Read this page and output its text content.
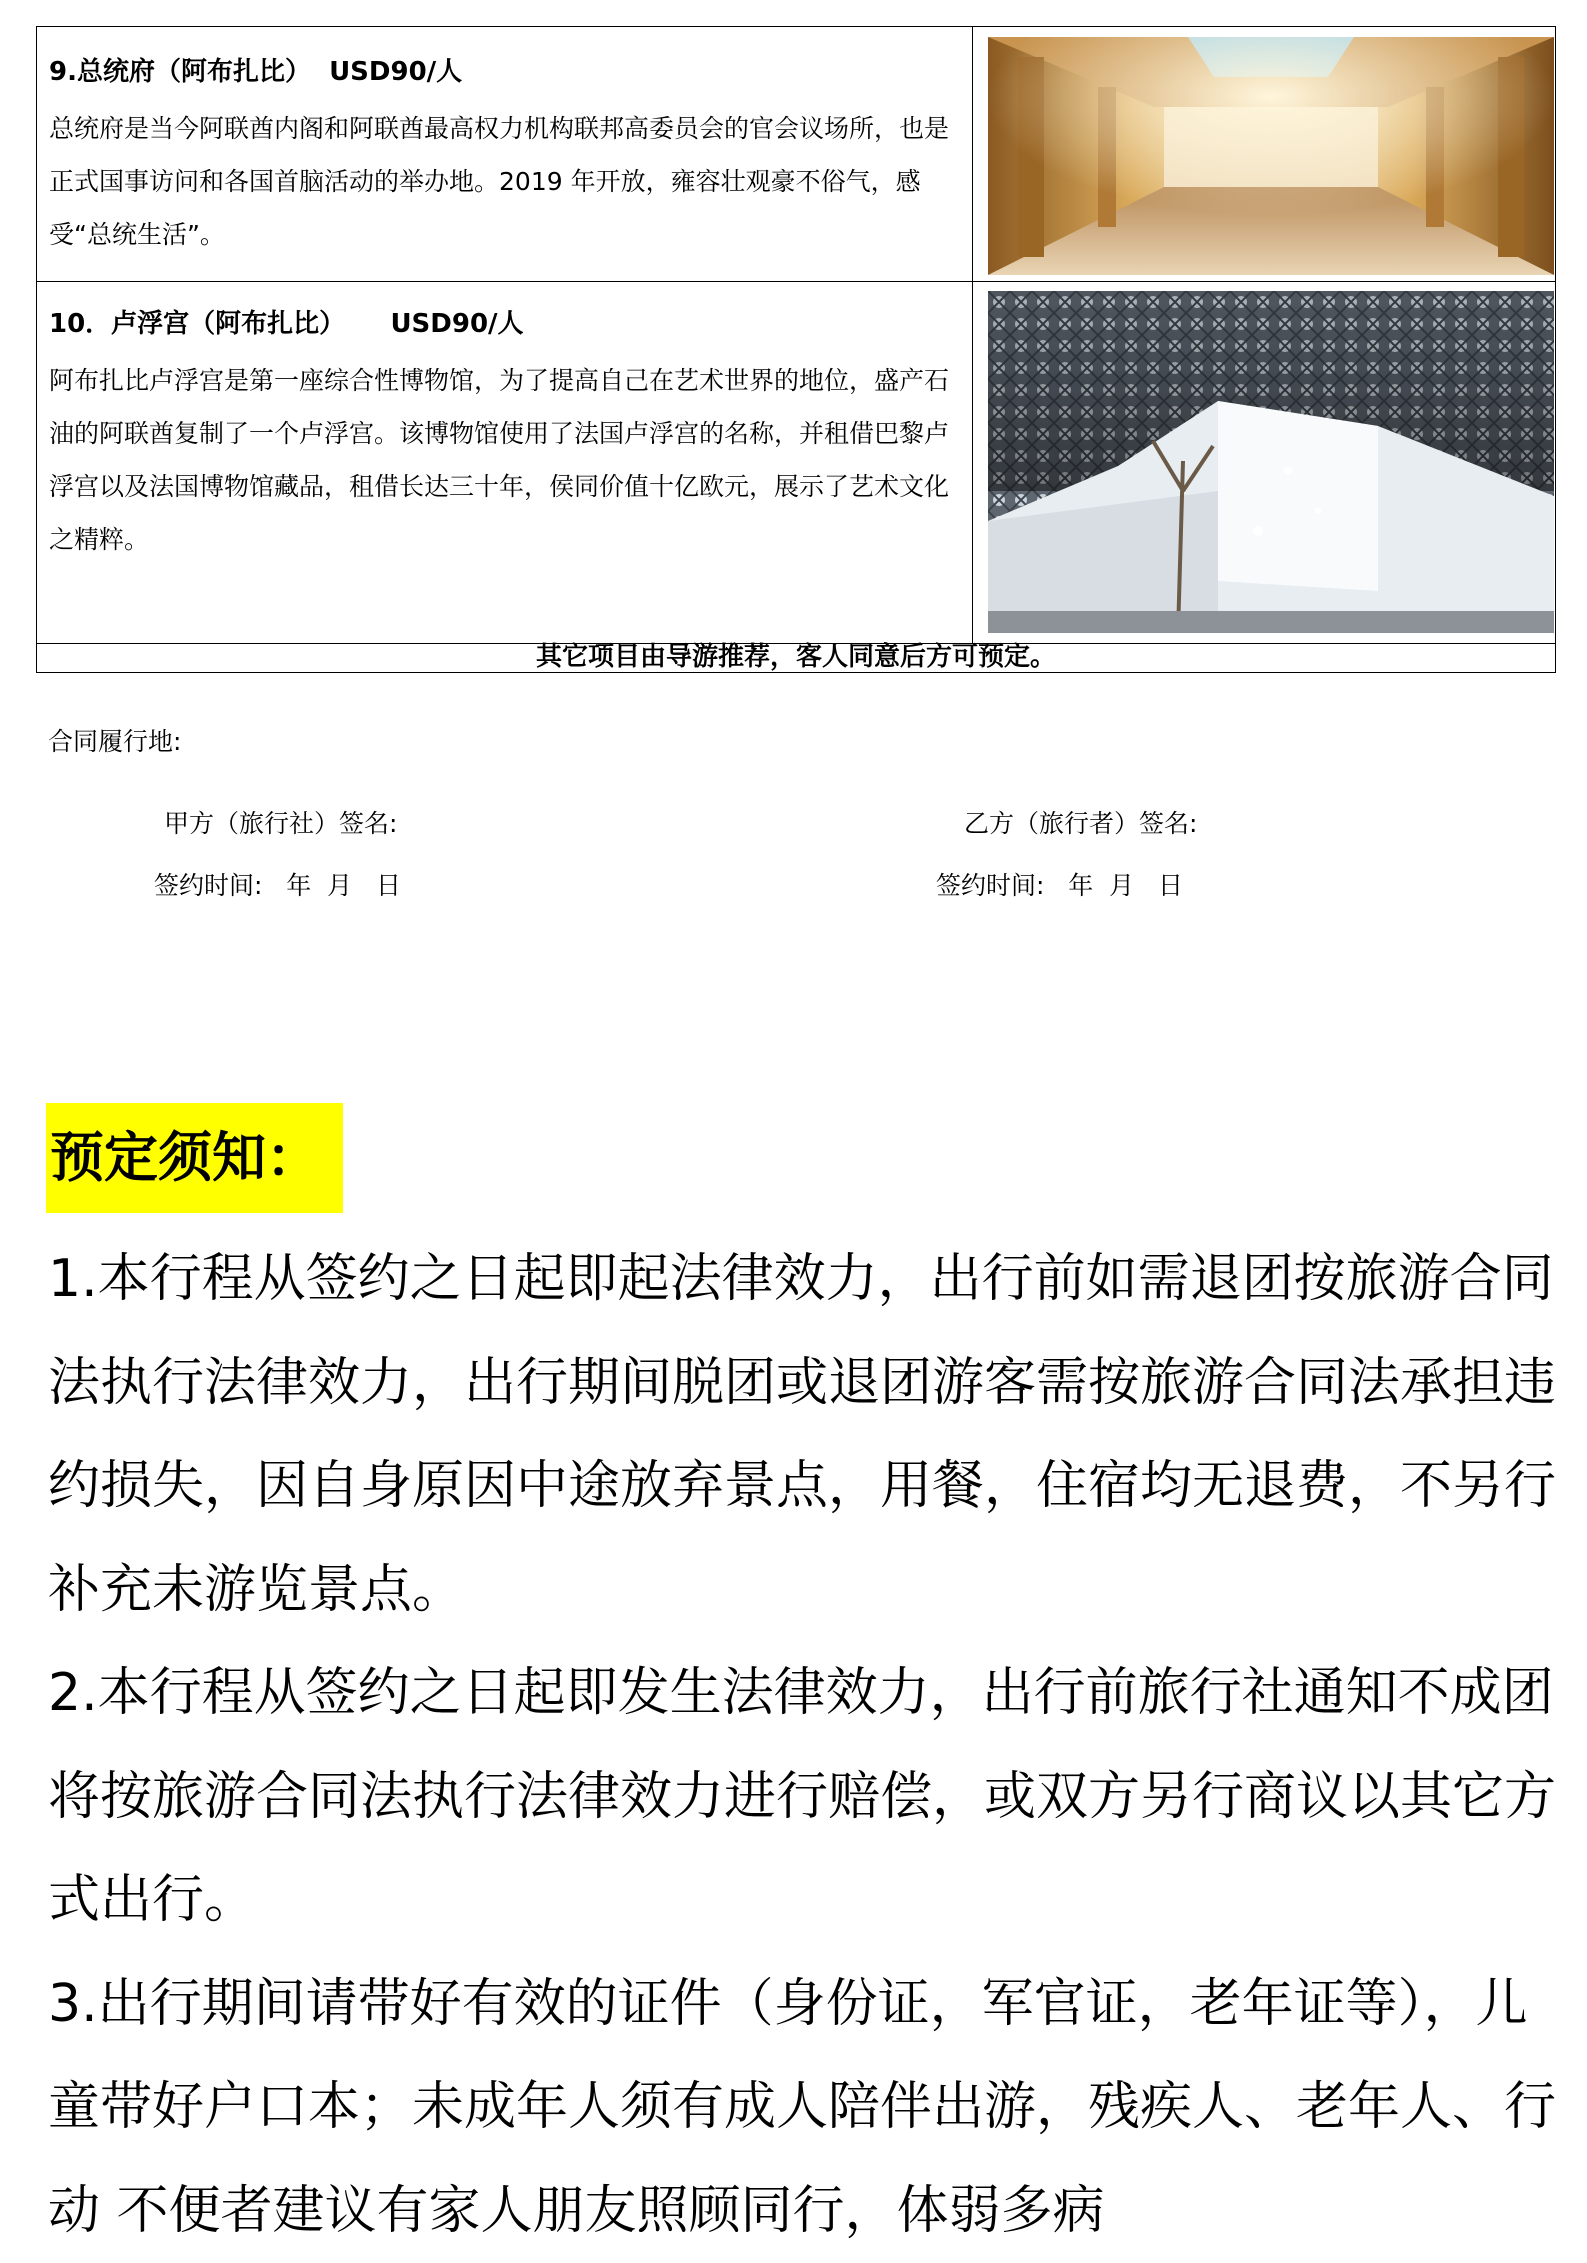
9.总统府（阿布扎比）  USD90/人
总统府是当今阿联酋内阁和阿联酋最高权力机构联邦高委员会的官会议场所，也是正式国事访问和各国首脑活动的举办地。2019 年开放，雍容壮观豪不俗气，感受“总统生活”。
10．卢浮宫（阿布扎比）     USD90/人
阿布扎比卢浮宫是第一座综合性博物馆，为了提高自己在艺术世界的地位，盛产石油的阿联酋复制了一个卢浮宫。该博物馆使用了法国卢浮宫的名称，并租借巴黎卢浮宫以及法国博物馆藏品，租借长达三十年，侯同价值十亿欧元，展示了艺术文化之精粹。
其它项目由导游推荐，客人同意后方可预定。
合同履行地:
甲方（旅行社）签名:	乙方（旅行者）签名:
签约时间:   年  月   日	签约时间:   年  月   日
预定须知：

1.本行程从签约之日起即起法律效力，出行前如需退团按旅游合同法执行法律效力，出行期间脱团或退团游客需按旅游合同法承担违 约损失，因自身原因中途放弃景点，用餐，住宿均无退费，不另行补充未游览景点。

2.本行程从签约之日起即发生法律效力，出行前旅行社通知不成团将按旅游合同法执行法律效力进行赔偿，或双方另行商议以其它方 式出行。

3.出行期间请带好有效的证件（身份证，军官证，老年证等），儿童带好户口本；未成年人须有成人陪伴出游，残疾人、老年人、行动 不便者建议有家人朋友照顾同行，体弱多病
